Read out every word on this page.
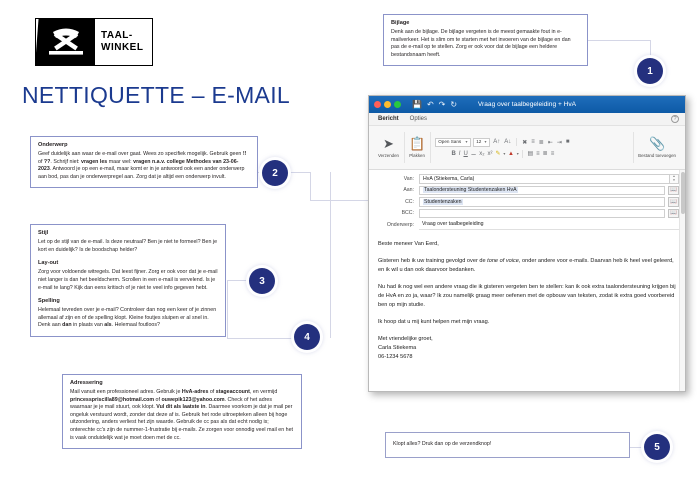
TAAL-
WINKEL
NETTIQUETTE – E-MAIL
Onderwerp

Geef duidelijk aan waar de e-mail over gaat. Wees zo specifiek mogelijk. Gebruik geen !! of ??. Schrijf niet: vragen les maar wel: vragen n.a.v. college Methodes van 23-06-2023. Antwoord je op een e-mail, maar komt er in je antwoord ook een ander onderwerp aan bod, pas dan je onderwerpregel aan. Zorg dat je altijd een onderwerp invult.

Stijl

Let op de stijl van de e-mail. Is deze neutraal? Ben je niet te formeel? Ben je kort en duidelijk? Is de boodschap helder?

Lay-out

Zorg voor voldoende witregels. Dat leest fijner. Zorg er ook voor dat je e-mail niet langer is dan het beeldscherm. Scrollen in een e-mail is vervelend. Is je e-mail te lang? Kijk dan eens kritisch of je niet te veel info gegeven hebt.

Spelling

Helemaal tevreden over je e-mail? Controleer dan nog een keer of je zinnen allemaal af zijn en of de spelling klopt. Kleine foutjes sluipen er al snel in. Denk aan dan in plaats van als. Helemaal foutloos?

Adressering

Mail vanuit een professioneel adres. Gebruik je HvA-adres of stageaccount, en vermijd princesspriscilla89@hotmail.com of ouwepik123@yahoo.com. Check of het adres waarnaar je je mail stuurt, ook klopt. Vul dit als laatste in. Daarmee voorkom je dat je mail per ongeluk verstuurd wordt, zonder dat deze af is. Gebruik het rode uitroepteken alleen bij hoge uitzondering, anders verliest het zijn waarde. Gebruik de cc pas als dat echt nodig is; onterechte cc's zijn de nummer-1-frustratie bij e-mails. Ze zorgen voor onnodig veel mail en het is vaak onduidelijk wat je moet doen met de cc.

Bijlage

Denk aan de bijlage. De bijlage vergeten is de meest gemaakte fout in e-mailverkeer. Het is slim om te starten met het invoeren van de bijlage en dan pas de e-mail op te stellen. Zorg er ook voor dat de bijlage een heldere bestandsnaam heeft.

Klopt alles? Druk dan op de verzendknop!
1
2
3
4
5
💾 ↶ ↷ ↻	Vraag over taalbegeleiding + HvA
Bericht Opties	?
➤
Verzenden
📋
Plakken
Open Sans ▼ 12 ▼ A↑ A↓ ✖ ≡ ≣ ⇤ ⇥ ■
B I U ⚊ x₂ x² ✎ ▼ ▲ ▼ ▤ ≡ ≣ ≡
📎
Bestand toevoegen
Van:	HvA (Stiekema, Carla)	▲
▼
Aan:	Taalondersteuning Studentenzaken HvA	📖
CC:	Studentenzaken	📖
BCC:	📖
Onderwerp:	Vraag over taalbegeleiding

Beste meneer Van Eerd,

Gisteren heb ik uw training gevolgd over de tone of voice, onder andere voor e-mails. Daarvan heb ik heel veel geleerd, en ik wil u dan ook daarvoor bedanken.

Nu had ik nog wel een andere vraag die ik gisteren vergeten ben te stellen: kan ik ook extra taalondersteuning krijgen bij de HvA en zo ja, waar? Ik zou namelijk graag meer oefenen met de opbouw van teksten, zodat ik extra goed voorbereid ben op mijn studie.

Ik hoop dat u mij kunt helpen met mijn vraag.

Met vriendelijke groet,

Carla Stiekema

06-1234 5678
